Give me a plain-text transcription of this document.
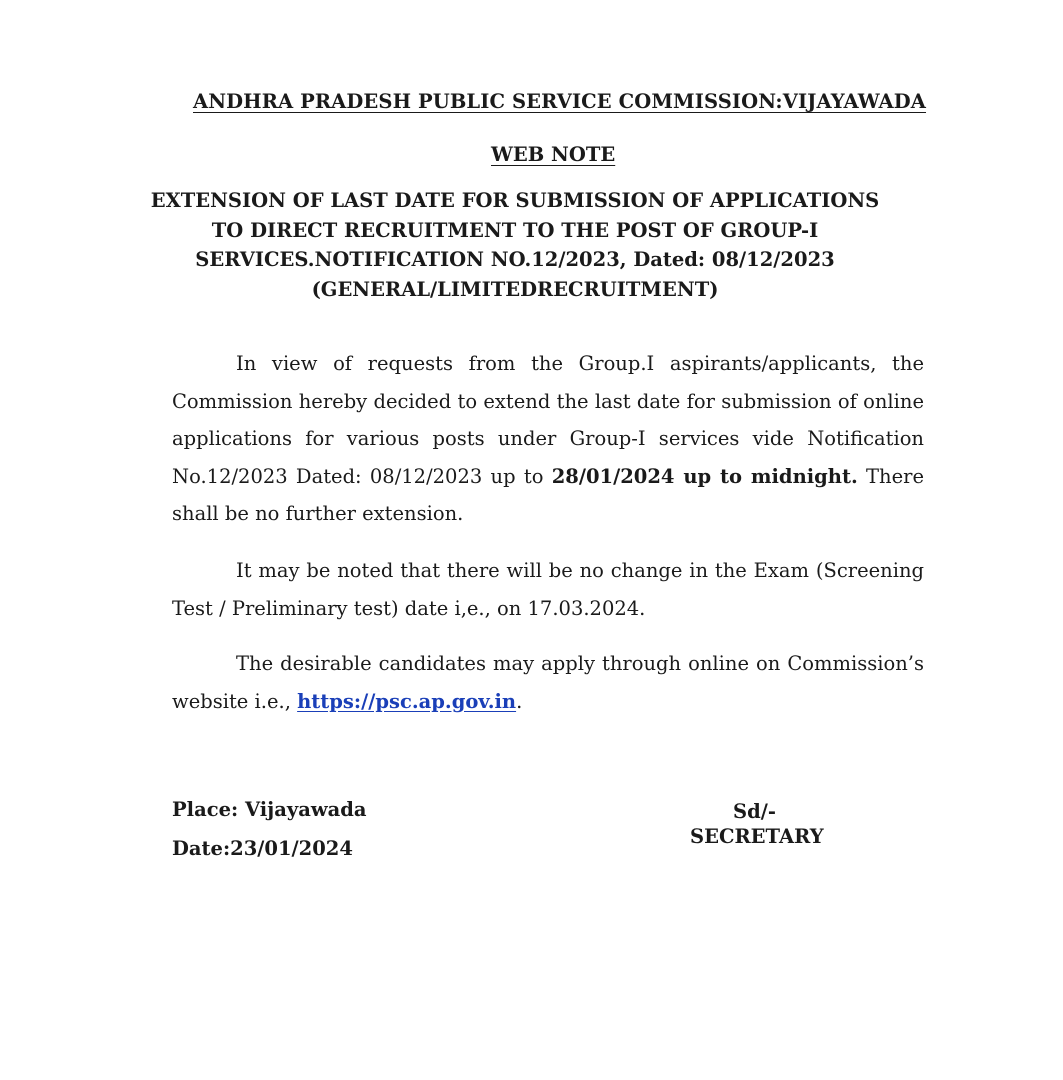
ANDHRA PRADESH PUBLIC SERVICE COMMISSION:VIJAYAWADA
WEB NOTE
EXTENSION OF LAST DATE FOR SUBMISSION OF APPLICATIONS
TO DIRECT RECRUITMENT TO THE POST OF GROUP-I
SERVICES.NOTIFICATION NO.12/2023, Dated: 08/12/2023
(GENERAL/LIMITEDRECRUITMENT)
In view of requests from the Group.I aspirants/applicants, the Commission hereby decided to extend the last date for submission of online applications for various posts under Group-I services vide Notification No.12/2023 Dated: 08/12/2023 up to 28/01/2024 up to midnight. There shall be no further extension.
It may be noted that there will be no change in the Exam (Screening Test / Preliminary test) date i,e., on 17.03.2024.
The desirable candidates may apply through online on Commission’s website i.e., https://psc.ap.gov.in.
Place: Vijayawada
Date:23/01/2024
Sd/-
SECRETARY
